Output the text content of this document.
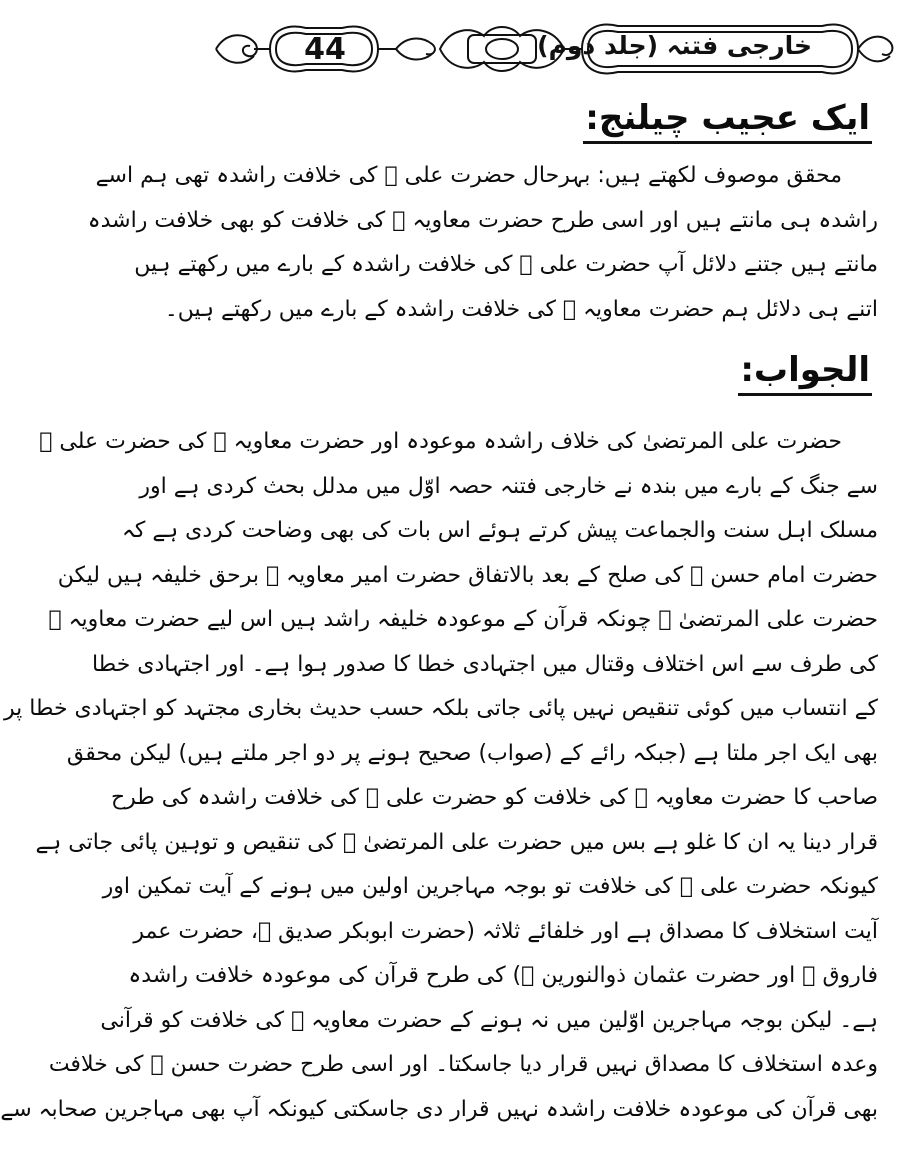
44	خارجی فتنہ (جلد دوم)
ایک عجیب چیلنج:
محقق موصوف لکھتے ہیں: بہرحال حضرت علی ﷛ کی خلافت راشدہ تھی ہم اسے
راشدہ ہی مانتے ہیں اور اسی طرح حضرت معاویہ ﷛ کی خلافت کو بھی خلافت راشدہ
مانتے ہیں جتنے دلائل آپ حضرت علی ﷛ کی خلافت راشدہ کے بارے میں رکھتے ہیں
اتنے ہی دلائل ہم حضرت معاویہ ﷛ کی خلافت راشدہ کے بارے میں رکھتے ہیں۔
الجواب:
حضرت علی المرتضیٰ کی خلاف راشدہ موعودہ اور حضرت معاویہ ﷛ کی حضرت علی ﷛
سے جنگ کے بارے میں بندہ نے خارجی فتنہ حصہ اوّل میں مدلل بحث کردی ہے اور
مسلک اہل سنت والجماعت پیش کرتے ہوئے اس بات کی بھی وضاحت کردی ہے کہ
حضرت امام حسن ﷛ کی صلح کے بعد بالاتفاق حضرت امیر معاویہ ﷛ برحق خلیفہ ہیں لیکن
حضرت علی المرتضیٰ ﷛ چونکہ قرآن کے موعودہ خلیفہ راشد ہیں اس لیے حضرت معاویہ ﷛
کی طرف سے اس اختلاف وقتال میں اجتہادی خطا کا صدور ہوا ہے۔ اور اجتہادی خطا
کے انتساب میں کوئی تنقیص نہیں پائی جاتی بلکہ حسب حدیث بخاری مجتہد کو اجتہادی خطا پر
بھی ایک اجر ملتا ہے (جبکہ رائے کے (صواب) صحیح ہونے پر دو اجر ملتے ہیں) لیکن محقق
صاحب کا حضرت معاویہ ﷛ کی خلافت کو حضرت علی ﷛ کی خلافت راشدہ کی طرح
قرار دینا یہ ان کا غلو ہے بس میں حضرت علی المرتضیٰ ﷛ کی تنقیص و توہین پائی جاتی ہے
کیونکہ حضرت علی ﷛ کی خلافت تو بوجہ مہاجرین اولین میں ہونے کے آیت تمکین اور
آیت استخلاف کا مصداق ہے اور خلفائے ثلاثہ (حضرت ابوبکر صدیق ﷛، حضرت عمر
فاروق ﷛ اور حضرت عثمان ذوالنورین ﷛) کی طرح قرآن کی موعودہ خلافت راشدہ
ہے۔ لیکن بوجہ مہاجرین اوّلین میں نہ ہونے کے حضرت معاویہ ﷛ کی خلافت کو قرآنی
وعدہ استخلاف کا مصداق نہیں قرار دیا جاسکتا۔ اور اسی طرح حضرت حسن ﷛ کی خلافت
بھی قرآن کی موعودہ خلافت راشدہ نہیں قرار دی جاسکتی کیونکہ آپ بھی مہاجرین صحابہ سے
